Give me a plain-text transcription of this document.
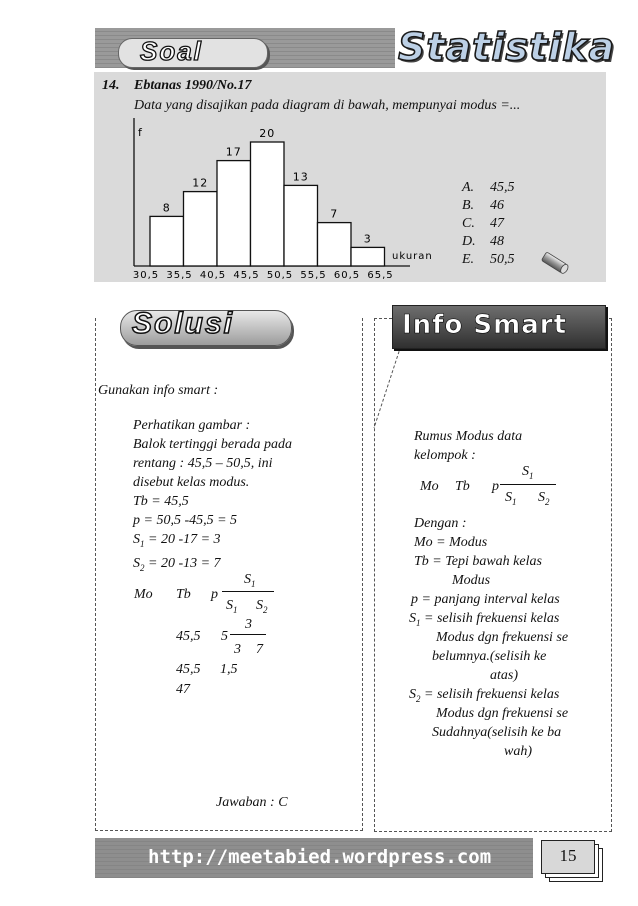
Soal	Statistika
14. Ebtanas 1990/No.17
Data yang disajikan pada diagram di bawah, mempunyai modus =...
f
ukuran
8
12
17
20
13
7
3
30,5 35,5 40,5 45,5 50,5 55,5 60,5 65,5
A.	45,5
B.	46
C.	47
D.	48
E.	50,5
Solusi	Info Smart
Gunakan info smart :
Perhatikan gambar :
Balok tertinggi berada pada
rentang : 45,5 – 50,5, ini
disebut kelas modus.
Tb = 45,5
p = 50,5 -45,5 = 5
$S_1 = 20$ -17 = 3
$S_2 = 20$ -13 = 7
Mo Tb p
$S_1$
$S_1$ $S_2$
45,5 5
3
3 7
45,5 1,5
47
Jawaban : C
Rumus Modus data
kelompok :
Mo Tb p
$S_1$
$S_1$ $S_2$
Dengan :
Mo = Modus
Tb = Tepi bawah kelas
Modus
p = panjang interval kelas
$S_1$ = selisih frekuensi kelas
Modus dgn frekuensi se
belumnya.(selisih ke
atas)
$S_2$ = selisih frekuensi kelas
Modus dgn frekuensi se
Sudahnya(selisih ke ba
wah)
http://meetabied.wordpress.com	15
